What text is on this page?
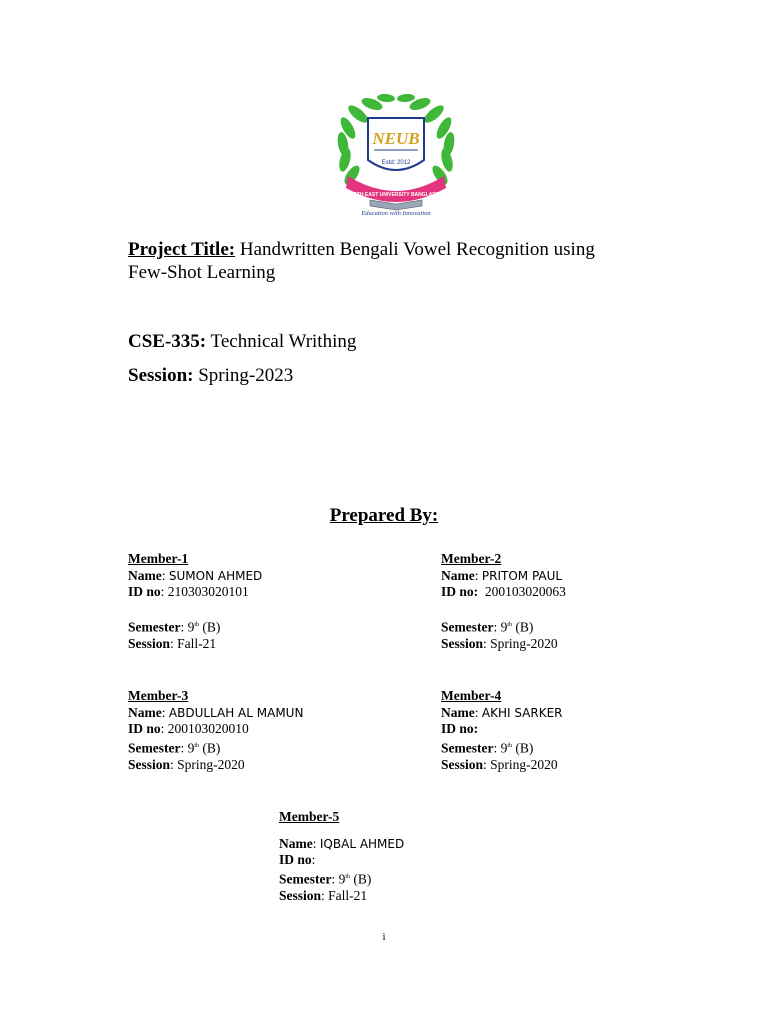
NEUB
Estd: 2012
NORTH EAST UNIVERSITY BANGLADESH
Education with Innovation
Project Title: Handwritten Bengali Vowel Recognition using
Few-Shot Learning
CSE-335: Technical Writhing
Session: Spring-2023
Prepared By:
Member-1
Name: SUMON AHMED
ID no: 210303020101
Semester: 9th (B)
Session: Fall-21
Member-2
Name: PRITOM PAUL
ID no: 200103020063
Semester: 9th (B)
Session: Spring-2020
Member-3
Name: ABDULLAH AL MAMUN
ID no: 200103020010
Semester: 9th (B)
Session: Spring-2020
Member-4
Name: AKHI SARKER
ID no:
Semester: 9th (B)
Session: Spring-2020
Member-5
Name: IQBAL AHMED
ID no:
Semester: 9th (B)
Session: Fall-21
i
